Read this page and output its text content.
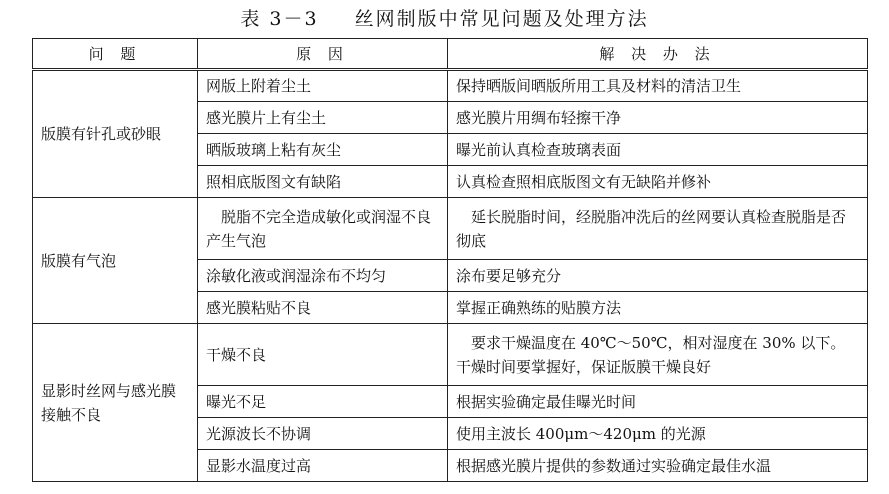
表 3－3 丝网制版中常见问题及处理方法
问 题	原 因	解 决 办 法
版膜有针孔或砂眼	网版上附着尘土	保持晒版间晒版所用工具及材料的清洁卫生
	感光膜片上有尘土	感光膜片用绸布轻擦干净
	晒版玻璃上粘有灰尘	曝光前认真检查玻璃表面
	照相底版图文有缺陷	认真检查照相底版图文有无缺陷并修补
版膜有气泡	脱脂不完全造成敏化或润湿不良产生气泡	延长脱脂时间，经脱脂冲洗后的丝网要认真检查脱脂是否彻底
	涂敏化液或润湿涂布不均匀	涂布要足够充分
	感光膜粘贴不良	掌握正确熟练的贴膜方法
显影时丝网与感光膜接触不良	干燥不良	要求干燥温度在 40℃～50℃，相对湿度在 30% 以下。干燥时间要掌握好，保证版膜干燥良好
	曝光不足	根据实验确定最佳曝光时间
	光源波长不协调	使用主波长 400μm～420μm 的光源
	显影水温度过高	根据感光膜片提供的参数通过实验确定最佳水温
